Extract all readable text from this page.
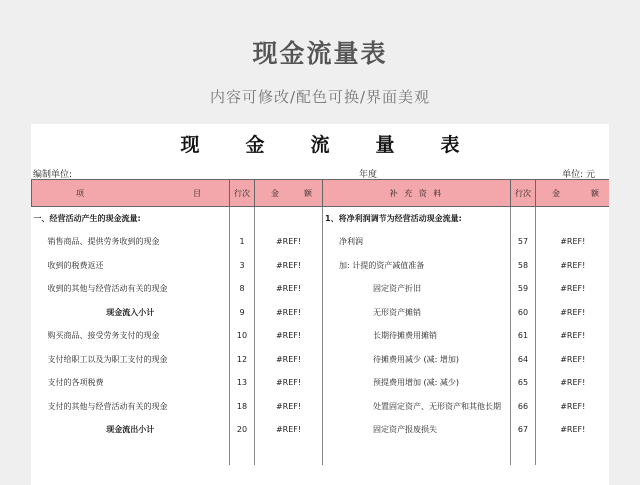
现金流量表
内容可修改/配色可换/界面美观
现 金 流 量 表
编制单位:	年度	单位: 元
项 目	行次	金 额	补 充 资 料	行次	金 额

一、经营活动产生的现金流量:			1、将净利润调节为经营活动现金流量:		
销售商品、提供劳务收到的现金	1	#REF!	净利润	57	#REF!
收到的税费返还	3	#REF!	加: 计提的资产减值准备	58	#REF!
收到的其他与经营活动有关的现金	8	#REF!	固定资产折旧	59	#REF!
现金流入小计	9	#REF!	无形资产摊销	60	#REF!
购买商品、接受劳务支付的现金	10	#REF!	长期待摊费用摊销	61	#REF!
支付给职工以及为职工支付的现金	12	#REF!	待摊费用减少 (减: 增加)	64	#REF!
支付的各项税费	13	#REF!	预提费用增加 (减: 减少)	65	#REF!
支付的其他与经营活动有关的现金	18	#REF!	处置固定资产、无形资产和其他长期	66	#REF!
现金流出小计	20	#REF!	固定资产报废损失	67	#REF!
